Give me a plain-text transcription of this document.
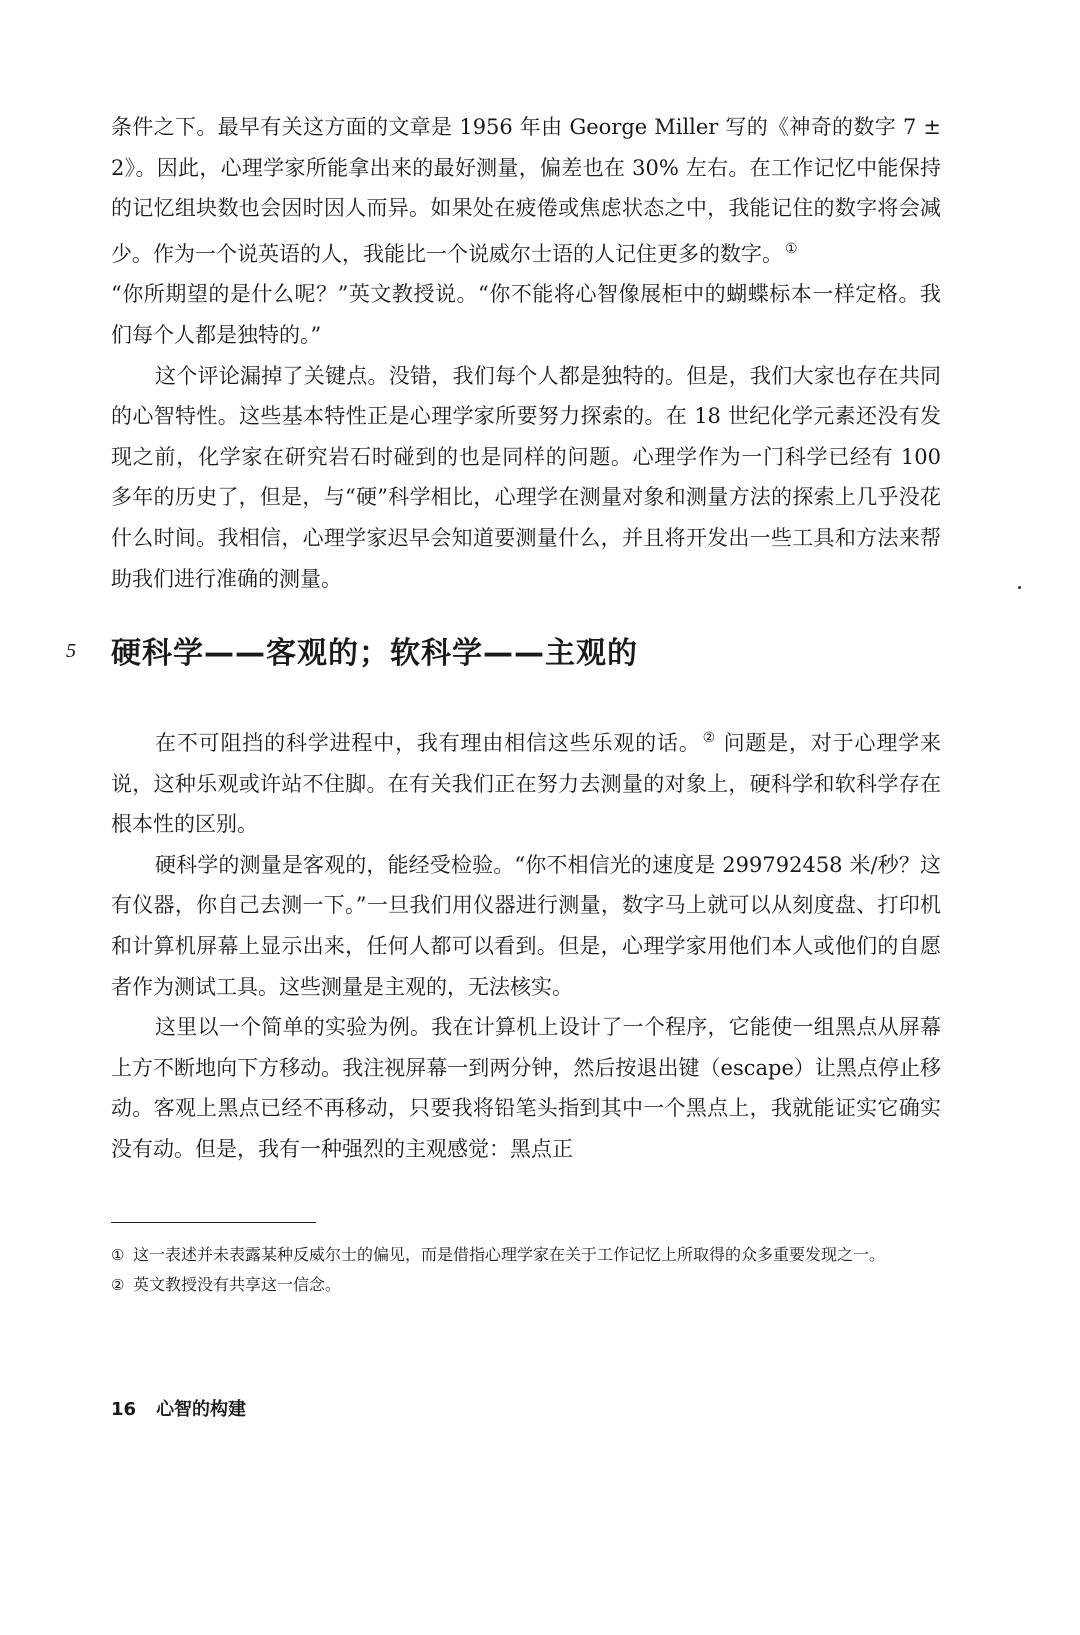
条件之下。最早有关这方面的文章是 1956 年由 George Miller 写的《神奇的数字 7 ± 2》。因此，心理学家所能拿出来的最好测量，偏差也在 30% 左右。在工作记忆中能保持的记忆组块数也会因时因人而异。如果处在疲倦或焦虑状态之中，我能记住的数字将会减少。作为一个说英语的人，我能比一个说威尔士语的人记住更多的数字。 ①

“你所期望的是什么呢？”英文教授说。“你不能将心智像展柜中的蝴蝶标本一样定格。我们每个人都是独特的。”

这个评论漏掉了关键点。没错，我们每个人都是独特的。但是，我们大家也存在共同的心智特性。这些基本特性正是心理学家所要努力探索的。在 18 世纪化学元素还没有发现之前，化学家在研究岩石时碰到的也是同样的问题。心理学作为一门科学已经有 100 多年的历史了，但是，与“硬”科学相比，心理学在测量对象和测量方法的探索上几乎没花什么时间。我相信，心理学家迟早会知道要测量什么，并且将开发出一些工具和方法来帮助我们进行准确的测量。

5 硬科学——客观的；软科学——主观的

在不可阻挡的科学进程中，我有理由相信这些乐观的话。 ② 问题是，对于心理学来说，这种乐观或许站不住脚。在有关我们正在努力去测量的对象上，硬科学和软科学存在根本性的区别。

硬科学的测量是客观的，能经受检验。“你不相信光的速度是 299792458 米/秒？这有仪器，你自己去测一下。”一旦我们用仪器进行测量，数字马上就可以从刻度盘、打印机和计算机屏幕上显示出来，任何人都可以看到。但是，心理学家用他们本人或他们的自愿者作为测试工具。这些测量是主观的，无法核实。

这里以一个简单的实验为例。我在计算机上设计了一个程序，它能使一组黑点从屏幕上方不断地向下方移动。我注视屏幕一到两分钟，然后按退出键（escape）让黑点停止移动。客观上黑点已经不再移动，只要我将铅笔头指到其中一个黑点上，我就能证实它确实没有动。但是，我有一种强烈的主观感觉：黑点正

① 这一表述并未表露某种反威尔士的偏见，而是借指心理学家在关于工作记忆上所取得的众多重要发现之一。
② 英文教授没有共享这一信念。
16 心智的构建
